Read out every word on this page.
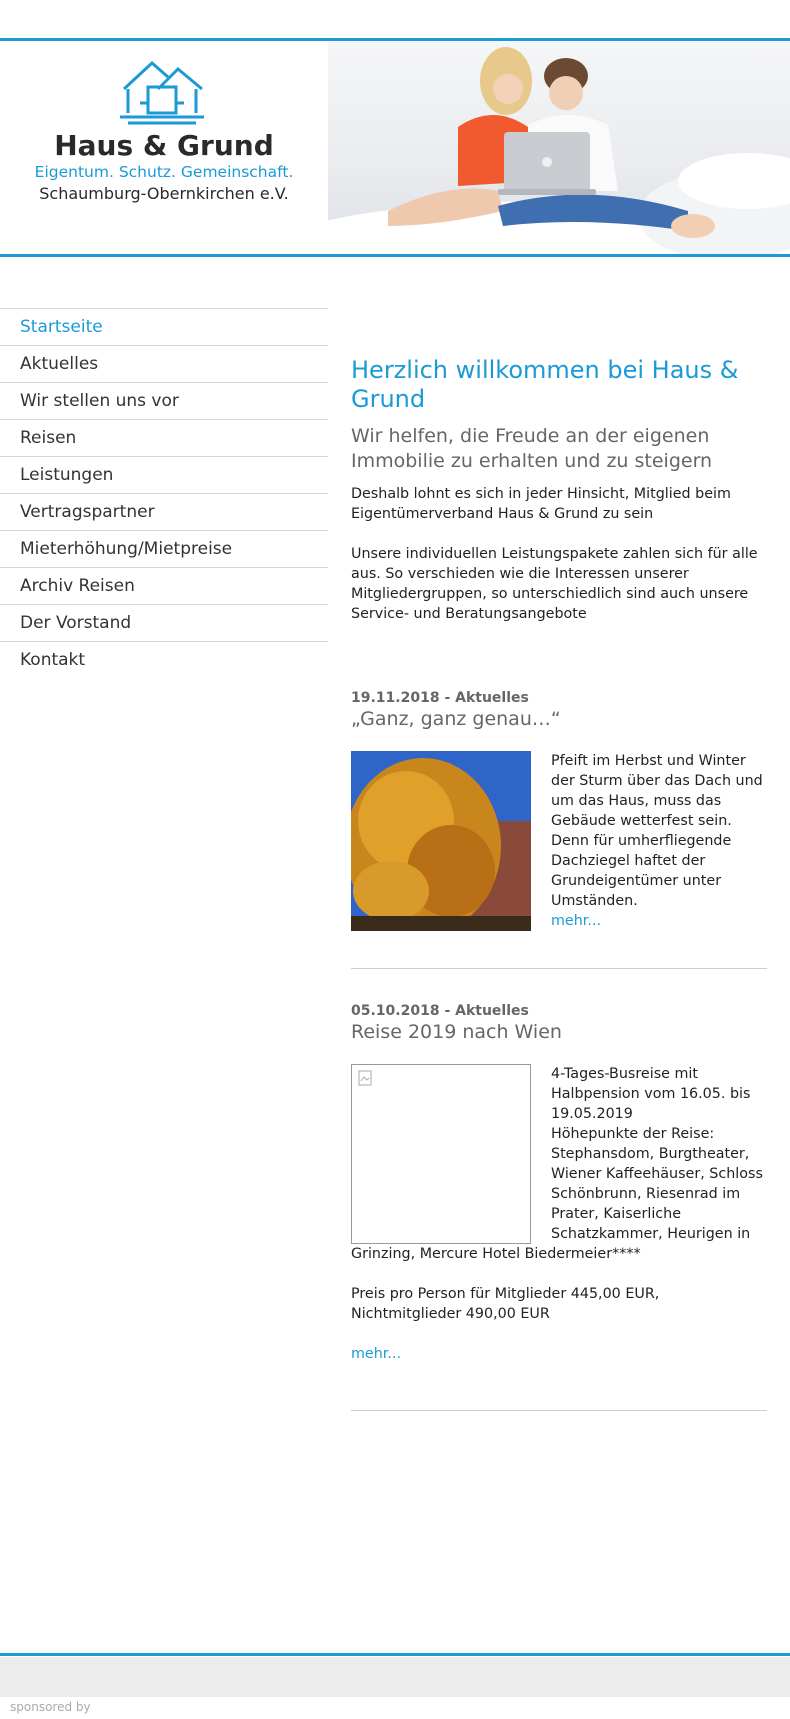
Haus & Grund
Eigentum. Schutz. Gemeinschaft.
Schaumburg-Obernkirchen e.V.
Startseite
Aktuelles
Wir stellen uns vor
Reisen
Leistungen
Vertragspartner
Mieterhöhung/Mietpreise
Archiv Reisen
Der Vorstand
Kontakt
Herzlich willkommen bei Haus & Grund
Wir helfen, die Freude an der eigenen Immobilie zu erhalten und zu steigern

Deshalb lohnt es sich in jeder Hinsicht, Mitglied beim Eigentümerverband Haus & Grund zu sein

Unsere individuellen Leistungspakete zahlen sich für alle aus. So verschieden wie die Interessen unserer Mitgliedergruppen, so unterschiedlich sind auch unsere Service- und Beratungsangebote

19.11.2018 - Aktuelles
„Ganz, ganz genau…“
Pfeift im Herbst und Winter der Sturm über das Dach und um das Haus, muss das Gebäude wetterfest sein. Denn für umherfliegende Dachziegel haftet der Grundeigentümer unter Umständen.
mehr...
05.10.2018 - Aktuelles
Reise 2019 nach Wien
4-Tages-Busreise mit Halbpension vom 16.05. bis 19.05.2019
Höhepunkte der Reise: Stephansdom, Burgtheater, Wiener Kaffeehäuser, Schloss Schönbrunn, Riesenrad im Prater, Kaiserliche Schatzkammer, Heurigen in Grinzing, Mercure Hotel Biedermeier****

Preis pro Person für Mitglieder 445,00 EUR, Nichtmitglieder 490,00 EUR

mehr...
sponsored by
